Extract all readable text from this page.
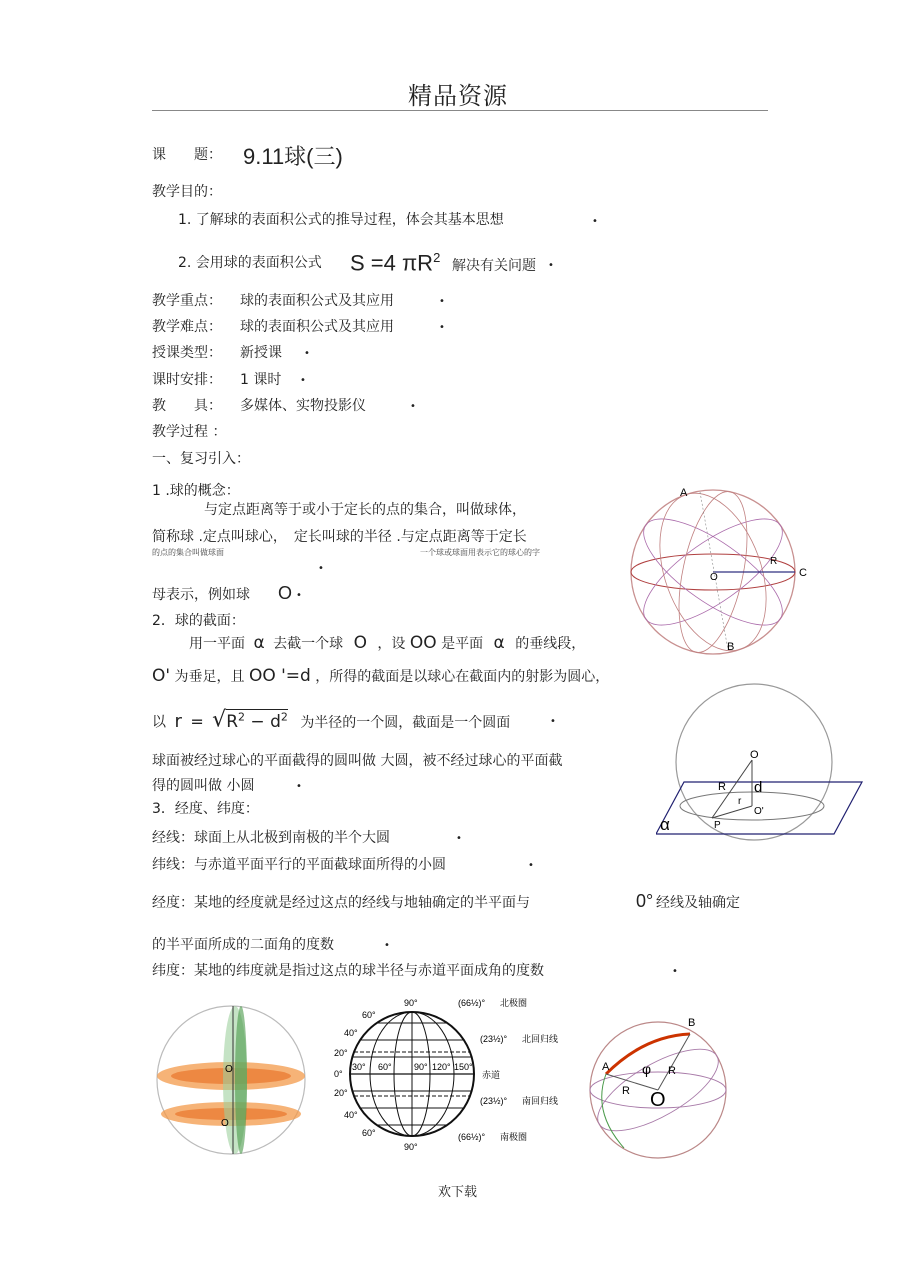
精品资源
课　　题： 9.11球(三)
教学目的：
1. 了解球的表面积公式的推导过程，体会其基本思想	•
2. 会用球的表面积公式 S =4 $\pi R^2$
解决有关问题 •
教学重点： 球的表面积公式及其应用	•
教学难点： 球的表面积公式及其应用	•
授课类型： 新授课 •
课时安排： 1 课时 •
教　　具： 多媒体、实物投影仪	•
教学过程 ：
一、复习引入：
1 .球的概念：
与定点距离等于或小于定长的点的集合，叫做球体，
简称球 .定点叫球心，　定长叫球的半径 .与定点距离等于定长
的点的集合叫做球面	一个球或球面用表示它的球心的字
•
母表示，例如球 O •
2．球的截面：
用一平面 α 去截一个球 O ，设 OO 是平面 α 的垂线段，
O' 为垂足，且 OO '=d ，所得的截面是以球心在截面内的射影为圆心，
以 $r = √R^2 - d^2$ 为半径的一个圆，截面是一个圆面	•
球面被经过球心的平面截得的圆叫做 大圆，被不经过球心的平面截
得的圆叫做 小圆	•
3．经度、纬度：
经线：球面上从北极到南极的半个大圆	•
纬线：与赤道平面平行的平面截球面所得的小圆	•
经度：某地的经度就是经过这点的经线与地轴确定的半平面与	0° 经线及轴确定
的半平面所成的二面角的度数	•
纬度：某地的纬度就是指过这点的球半径与赤道平面成角的度数	•
A
B
C
O
R
O
d
R
r
O'
P
α
O
O
90°
90°
60°
40°
20°
0°
20°
40°
60°
30° 60° 90° 120° 150°
(66½)° 北极圈
(23½)° 北回归线
赤道
(23½)° 南回归线
(66½)° 南极圈
A
B
φ R
R O
欢下载
